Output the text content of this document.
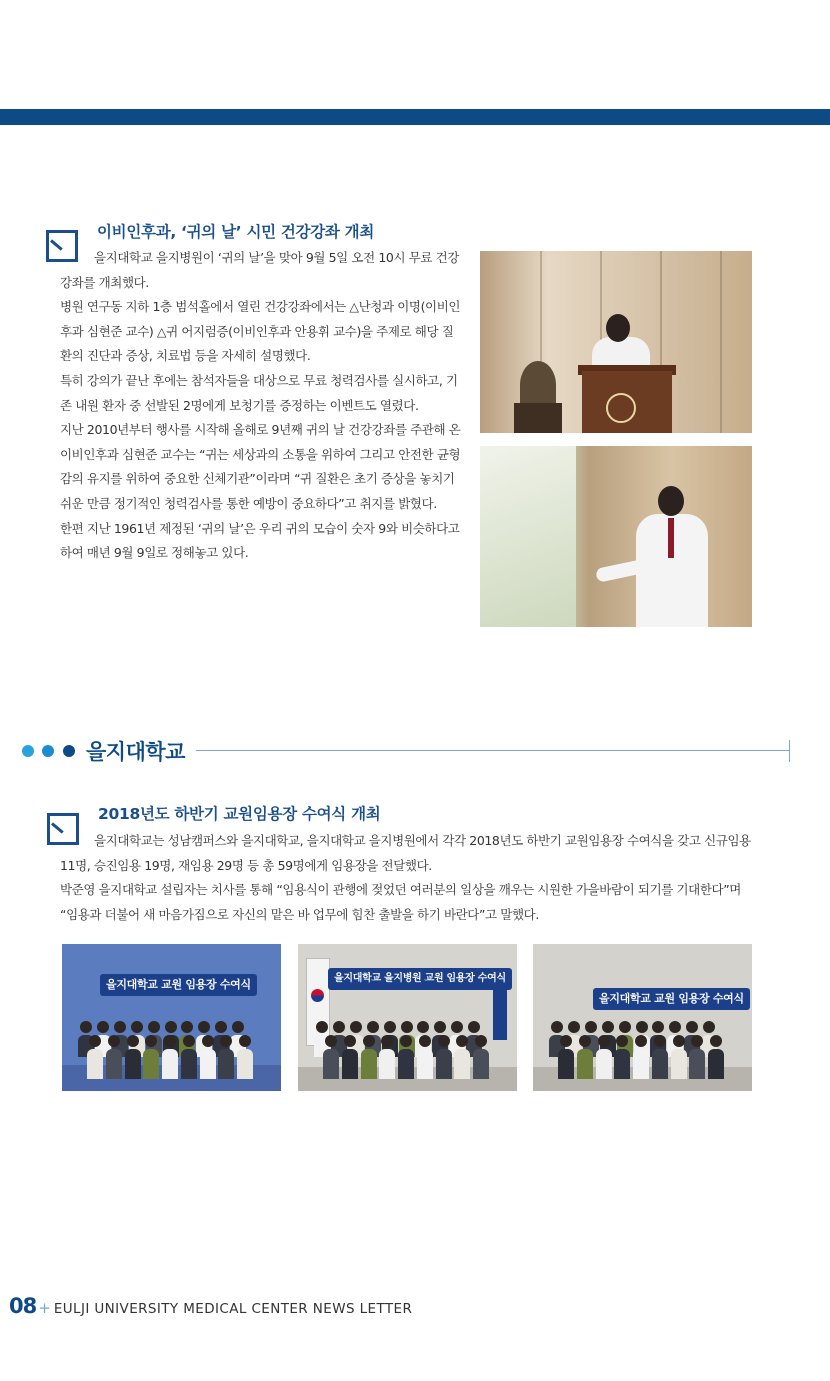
이비인후과, ‘귀의 날’ 시민 건강강좌 개최

을지대학교 을지병원이 ‘귀의 날’을 맞아 9월 5일 오전 10시 무료 건강강좌를 개최했다.

병원 연구동 지하 1층 범석홀에서 열린 건강강좌에서는 △난청과 이명(이비인후과 심현준 교수) △귀 어지럼증(이비인후과 안용휘 교수)을 주제로 해당 질환의 진단과 증상, 치료법 등을 자세히 설명했다.

특히 강의가 끝난 후에는 참석자들을 대상으로 무료 청력검사를 실시하고, 기존 내원 환자 중 선발된 2명에게 보청기를 증정하는 이벤트도 열렸다.

지난 2010년부터 행사를 시작해 올해로 9년째 귀의 날 건강강좌를 주관해 온 이비인후과 심현준 교수는 “귀는 세상과의 소통을 위하여 그리고 안전한 균형감의 유지를 위하여 중요한 신체기관”이라며 “귀 질환은 초기 증상을 놓치기 쉬운 만큼 정기적인 청력검사를 통한 예방이 중요하다”고 취지를 밝혔다.

한편 지난 1961년 제정된 ‘귀의 날’은 우리 귀의 모습이 숫자 9와 비슷하다고 하여 매년 9월 9일로 정해놓고 있다.

을지대학교
2018년도 하반기 교원임용장 수여식 개최

을지대학교는 성남캠퍼스와 을지대학교, 을지대학교 을지병원에서 각각 2018년도 하반기 교원임용장 수여식을 갖고 신규임용 11명, 승진임용 19명, 재임용 29명 등 총 59명에게 임용장을 전달했다.

박준영 을지대학교 설립자는 치사를 통해 “임용식이 관행에 젖었던 여러분의 일상을 깨우는 시원한 가을바람이 되기를 기대한다”며 “임용과 더불어 새 마음가짐으로 자신의 맡은 바 업무에 힘찬 출발을 하기 바란다”고 말했다.

을지대학교 교원 임용장 수여식	을지대학교 을지병원 교원 임용장 수여식
을지대학교 교원 임용장 수여식
08 + EULJI UNIVERSITY MEDICAL CENTER NEWS LETTER
